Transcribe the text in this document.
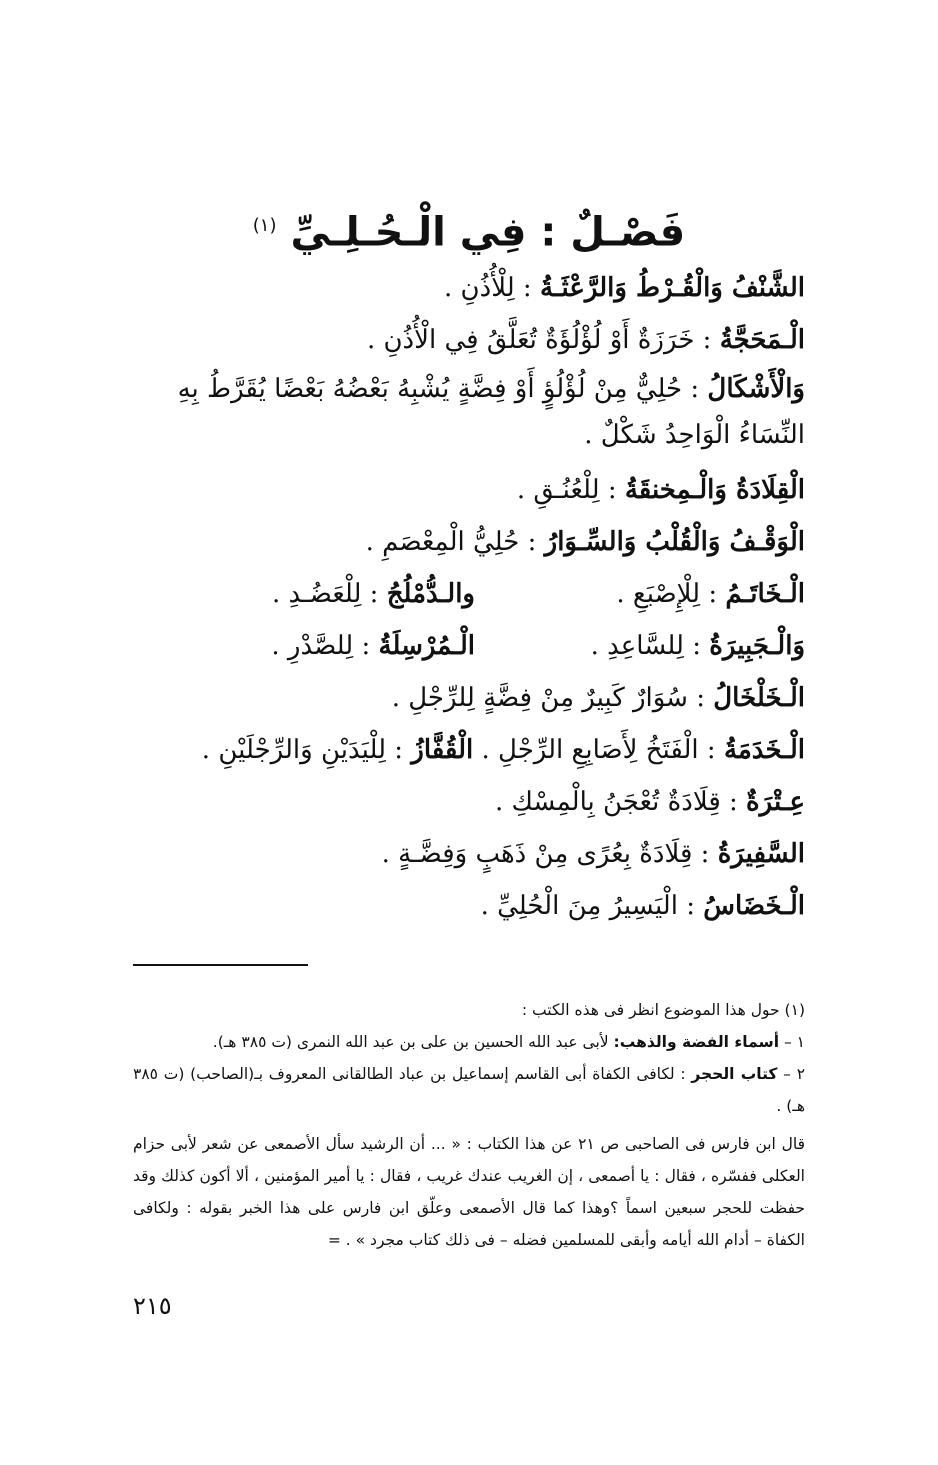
فَصْـلٌ : فِي الْـحُـلِـيِّ $^{(١)}$
الشَّنْفُ وَالْقُـرْطُ وَالرَّعْثَـةُ : لِلْأُذُنِ .
الْـمَحَجَّةُ : خَرَزَةٌ أَوْ لُؤْلُؤَةٌ تُعَلَّقُ فِي الْأُذُنِ .
وَالْأَشْكَالُ : حُلِيٌّ مِنْ لُؤْلُؤٍ أَوْ فِضَّةٍ يُشْبِهُ بَعْضُهُ بَعْضًا يُقَرَّطُ بِهِ النِّسَاءُ الْوَاحِدُ شَكْلٌ .
الْقِلَادَةُ وَالْـمِخنقَةُ : لِلْعُنُـقِ .
الْوَقْـفُ وَالْقُلْبُ وَالسِّـوَارُ : حُلِيُّ الْمِعْصَمِ .
الْـخَاتَـمُ : لِلْإِصْبَعِ .
والـدُّمْلُجُ : لِلْعَضُـدِ .
وَالْـجَبِيرَةُ : لِلسَّاعِدِ .
الْـمُرْسِلَةُ : لِلصَّدْرِ .
الْـخَلْخَالُ : سُوَارٌ كَبِيرٌ مِنْ فِضَّةٍ لِلرِّجْلِ .
الْـخَدَمَةُ : الْفَتَخُ لِأَصَابِعِ الرِّجْلِ . الْقُفَّازُ : لِلْيَدَيْنِ وَالرِّجْلَيْنِ .
عِـتْرَةٌ : قِلَادَةٌ تُعْجَنُ بِالْمِسْكِ .
السَّفِيرَةُ : قِلَادَةٌ بِعُرًى مِنْ ذَهَبٍ وَفِضَّـةٍ .
الْـخَضَاسُ : الْيَسِيرُ مِنَ الْحُلِيِّ .
(١) حول هذا الموضوع انظر فى هذه الكتب :
١ – أسماء الفضة والذهب: لأبى عبد الله الحسين بن على بن عبد الله النمرى (ت ٣٨٥ هـ).
٢ – كتاب الحجر : لكافى الكفاة أبى القاسم إسماعيل بن عباد الطالقانى المعروف بـ(الصاحب) (ت ٣٨٥ هـ) .
قال ابن فارس فى الصاحبى ص ٢١ عن هذا الكتاب : « ... أن الرشيد سأل الأصمعى عن شعر لأبى حزام العكلى ففسّره ، فقال : يا أصمعى ، إن الغريب عندك غريب ، فقال : يا أمير المؤمنين ، ألا أكون كذلك وقد حفظت للحجر سبعين اسماً ؟وهذا كما قال الأصمعى وعلّق ابن فارس على هذا الخبر بقوله : ولكافى الكفاة – أدام الله أيامه وأبقى للمسلمين فضله – فى ذلك كتاب مجرد » . =
٢١٥
